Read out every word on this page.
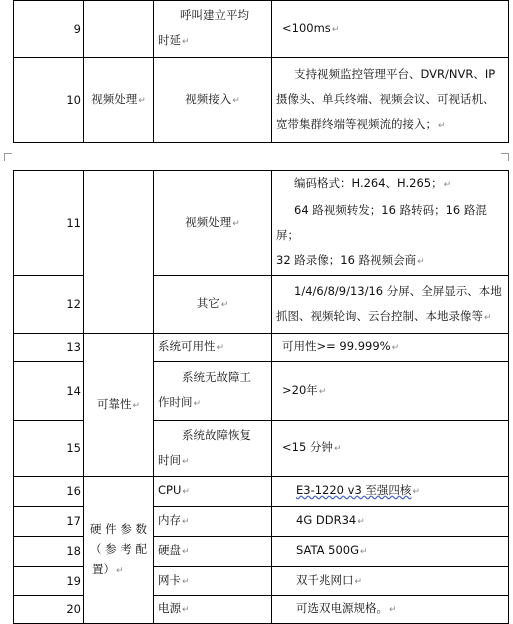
9		呼叫建立平均
时延↵	<100ms↵
10	视频处理↵	视频接入↵	支持视频监控管理平台、DVR/NVR、IP
摄像头、单兵终端、视频会议、可视话机、
宽带集群终端等视频流的接入；↵
11		视频处理↵	编码格式：H.264、H.265；↵
64 路视频转发；16 路转码；16 路混屏；
32 路录像；16 路视频会商↵

12		其它↵	1/4/6/8/9/13/16 分屏、全屏显示、本地
抓图、视频轮询、云台控制、本地录像等↵

13	可靠性↵	系统可用性↵	可用性>= 99.999%↵
14		系统无故障工
作时间↵	>20年↵
15		系统故障恢复
时间↵	<15 分钟↵
16	硬 件 参 数
（ 参 考 配
置）↵	CPU↵	E3-1220 v3 至强四核↵
17		内存↵	4G DDR34↵
18		硬盘↵	SATA 500G↵
19		网卡↵	双千兆网口↵
20		电源↵	可选双电源规格。↵
